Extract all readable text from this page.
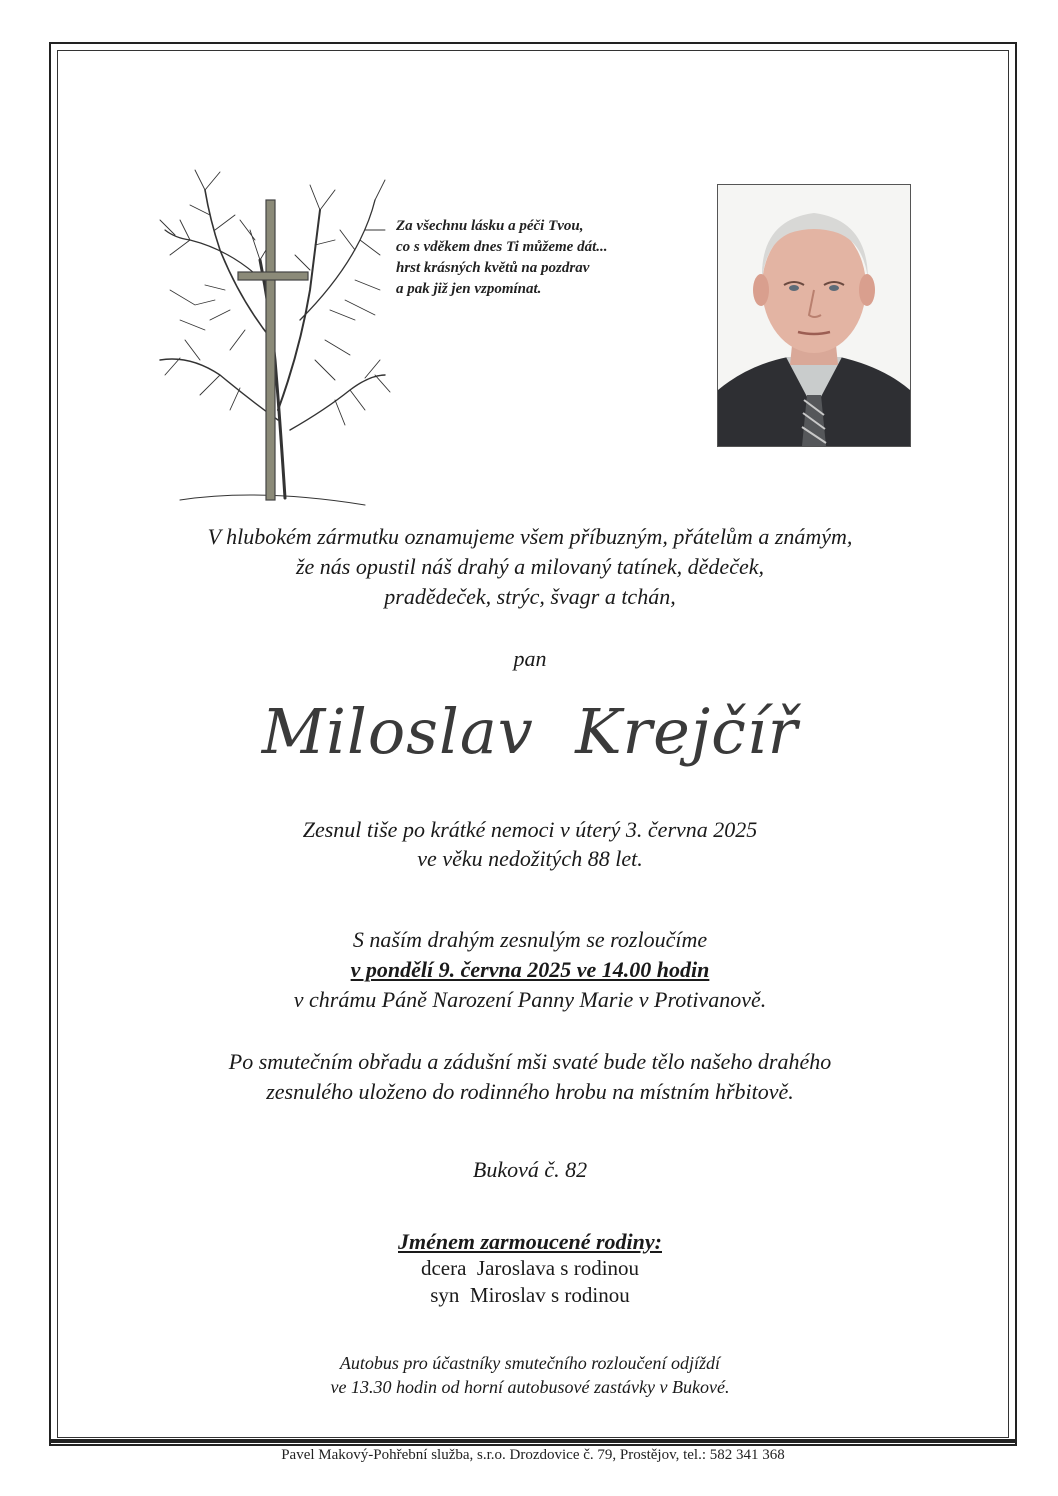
Za všechnu lásku a péči Tvou,
co s vděkem dnes Ti můžeme dát...
hrst krásných květů na pozdrav
a pak již jen vzpomínat.
V hlubokém zármutku oznamujeme všem příbuzným, přátelům a známým,
že nás opustil náš drahý a milovaný tatínek, dědeček,
pradědeček, strýc, švagr a tchán,
pan
Miloslav  Krejčíř
Zesnul tiše po krátké nemoci v úterý 3. června 2025
ve věku nedožitých 88 let.
S naším drahým zesnulým se rozloučíme
v pondělí 9. června 2025 ve 14.00 hodin
v chrámu Páně Narození Panny Marie v Protivanově.
Po smutečním obřadu a zádušní mši svaté bude tělo našeho drahého
zesnulého uloženo do rodinného hrobu na místním hřbitově.
Buková č. 82
Jménem zarmoucené rodiny:
dcera  Jaroslava s rodinou
syn  Miroslav s rodinou
Autobus pro účastníky smutečního rozloučení odjíždí
ve 13.30 hodin od horní autobusové zastávky v Bukové.
Pavel Makový-Pohřební služba, s.r.o. Drozdovice č. 79, Prostějov, tel.: 582 341 368
